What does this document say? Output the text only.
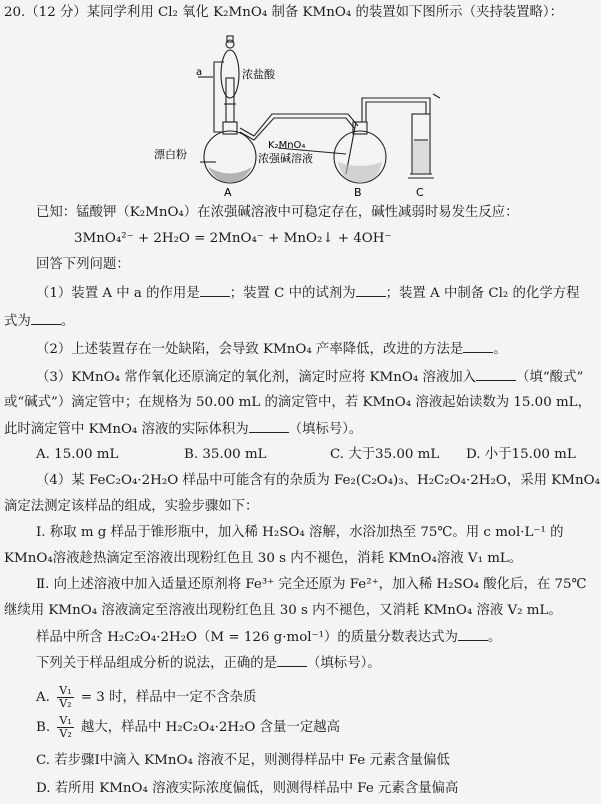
20.（12 分）某同学利用 Cl₂ 氧化 K₂MnO₄ 制备 KMnO₄ 的装置如下图所示（夹持装置略）：
a	浓盐酸
漂白粉
K₂MnO₄
浓强碱溶液
A	B	C
已知：锰酸钾（K₂MnO₄）在浓强碱溶液中可稳定存在，碱性减弱时易发生反应：
3MnO₄²⁻ + 2H₂O = 2MnO₄⁻ + MnO₂↓ + 4OH⁻
回答下列问题：
（1）装置 A 中 a 的作用是 ；装置 C 中的试剂为 ；装置 A 中制备 Cl₂ 的化学方程
式为 。
（2）上述装置存在一处缺陷，会导致 KMnO₄ 产率降低，改进的方法是 。
（3）KMnO₄ 常作氧化还原滴定的氧化剂，滴定时应将 KMnO₄ 溶液加入	（填“酸式”
或“碱式”）滴定管中；在规格为 50.00 mL 的滴定管中，若 KMnO₄ 溶液起始读数为 15.00 mL，
此时滴定管中 KMnO₄ 溶液的实际体积为	（填标号）。
A. 15.00 mL	B. 35.00 mL	C. 大于35.00 mL D. 小于15.00 mL
（4）某 FeC₂O₄·2H₂O 样品中可能含有的杂质为 Fe₂(C₂O₄)₃、H₂C₂O₄·2H₂O，采用 KMnO₄
滴定法测定该样品的组成，实验步骤如下：
Ⅰ. 称取 m g 样品于锥形瓶中，加入稀 H₂SO₄ 溶解，水浴加热至 75℃。用 c mol·L⁻¹ 的
KMnO₄溶液趁热滴定至溶液出现粉红色且 30 s 内不褪色，消耗 KMnO₄溶液 V₁ mL。
Ⅱ. 向上述溶液中加入适量还原剂将 Fe³⁺ 完全还原为 Fe²⁺，加入稀 H₂SO₄ 酸化后，在 75℃
继续用 KMnO₄ 溶液滴定至溶液出现粉红色且 30 s 内不褪色，又消耗 KMnO₄ 溶液 V₂ mL。
样品中所含 H₂C₂O₄·2H₂O（M = 126 g·mol⁻¹）的质量分数表达式为 。
下列关于样品组成分析的说法，正确的是 （填标号）。
A. $\frac{\text{V₁}}{\text{V₂}} = 3$ 时，样品中一定不含杂质
B. $\frac{\text{V₁}}{\text{V₂}}$ 越大，样品中 H₂C₂O₄·2H₂O 含量一定越高
C. 若步骤Ⅰ中滴入 KMnO₄ 溶液不足，则测得样品中 Fe 元素含量偏低
D. 若所用 KMnO₄ 溶液实际浓度偏低，则测得样品中 Fe 元素含量偏高
